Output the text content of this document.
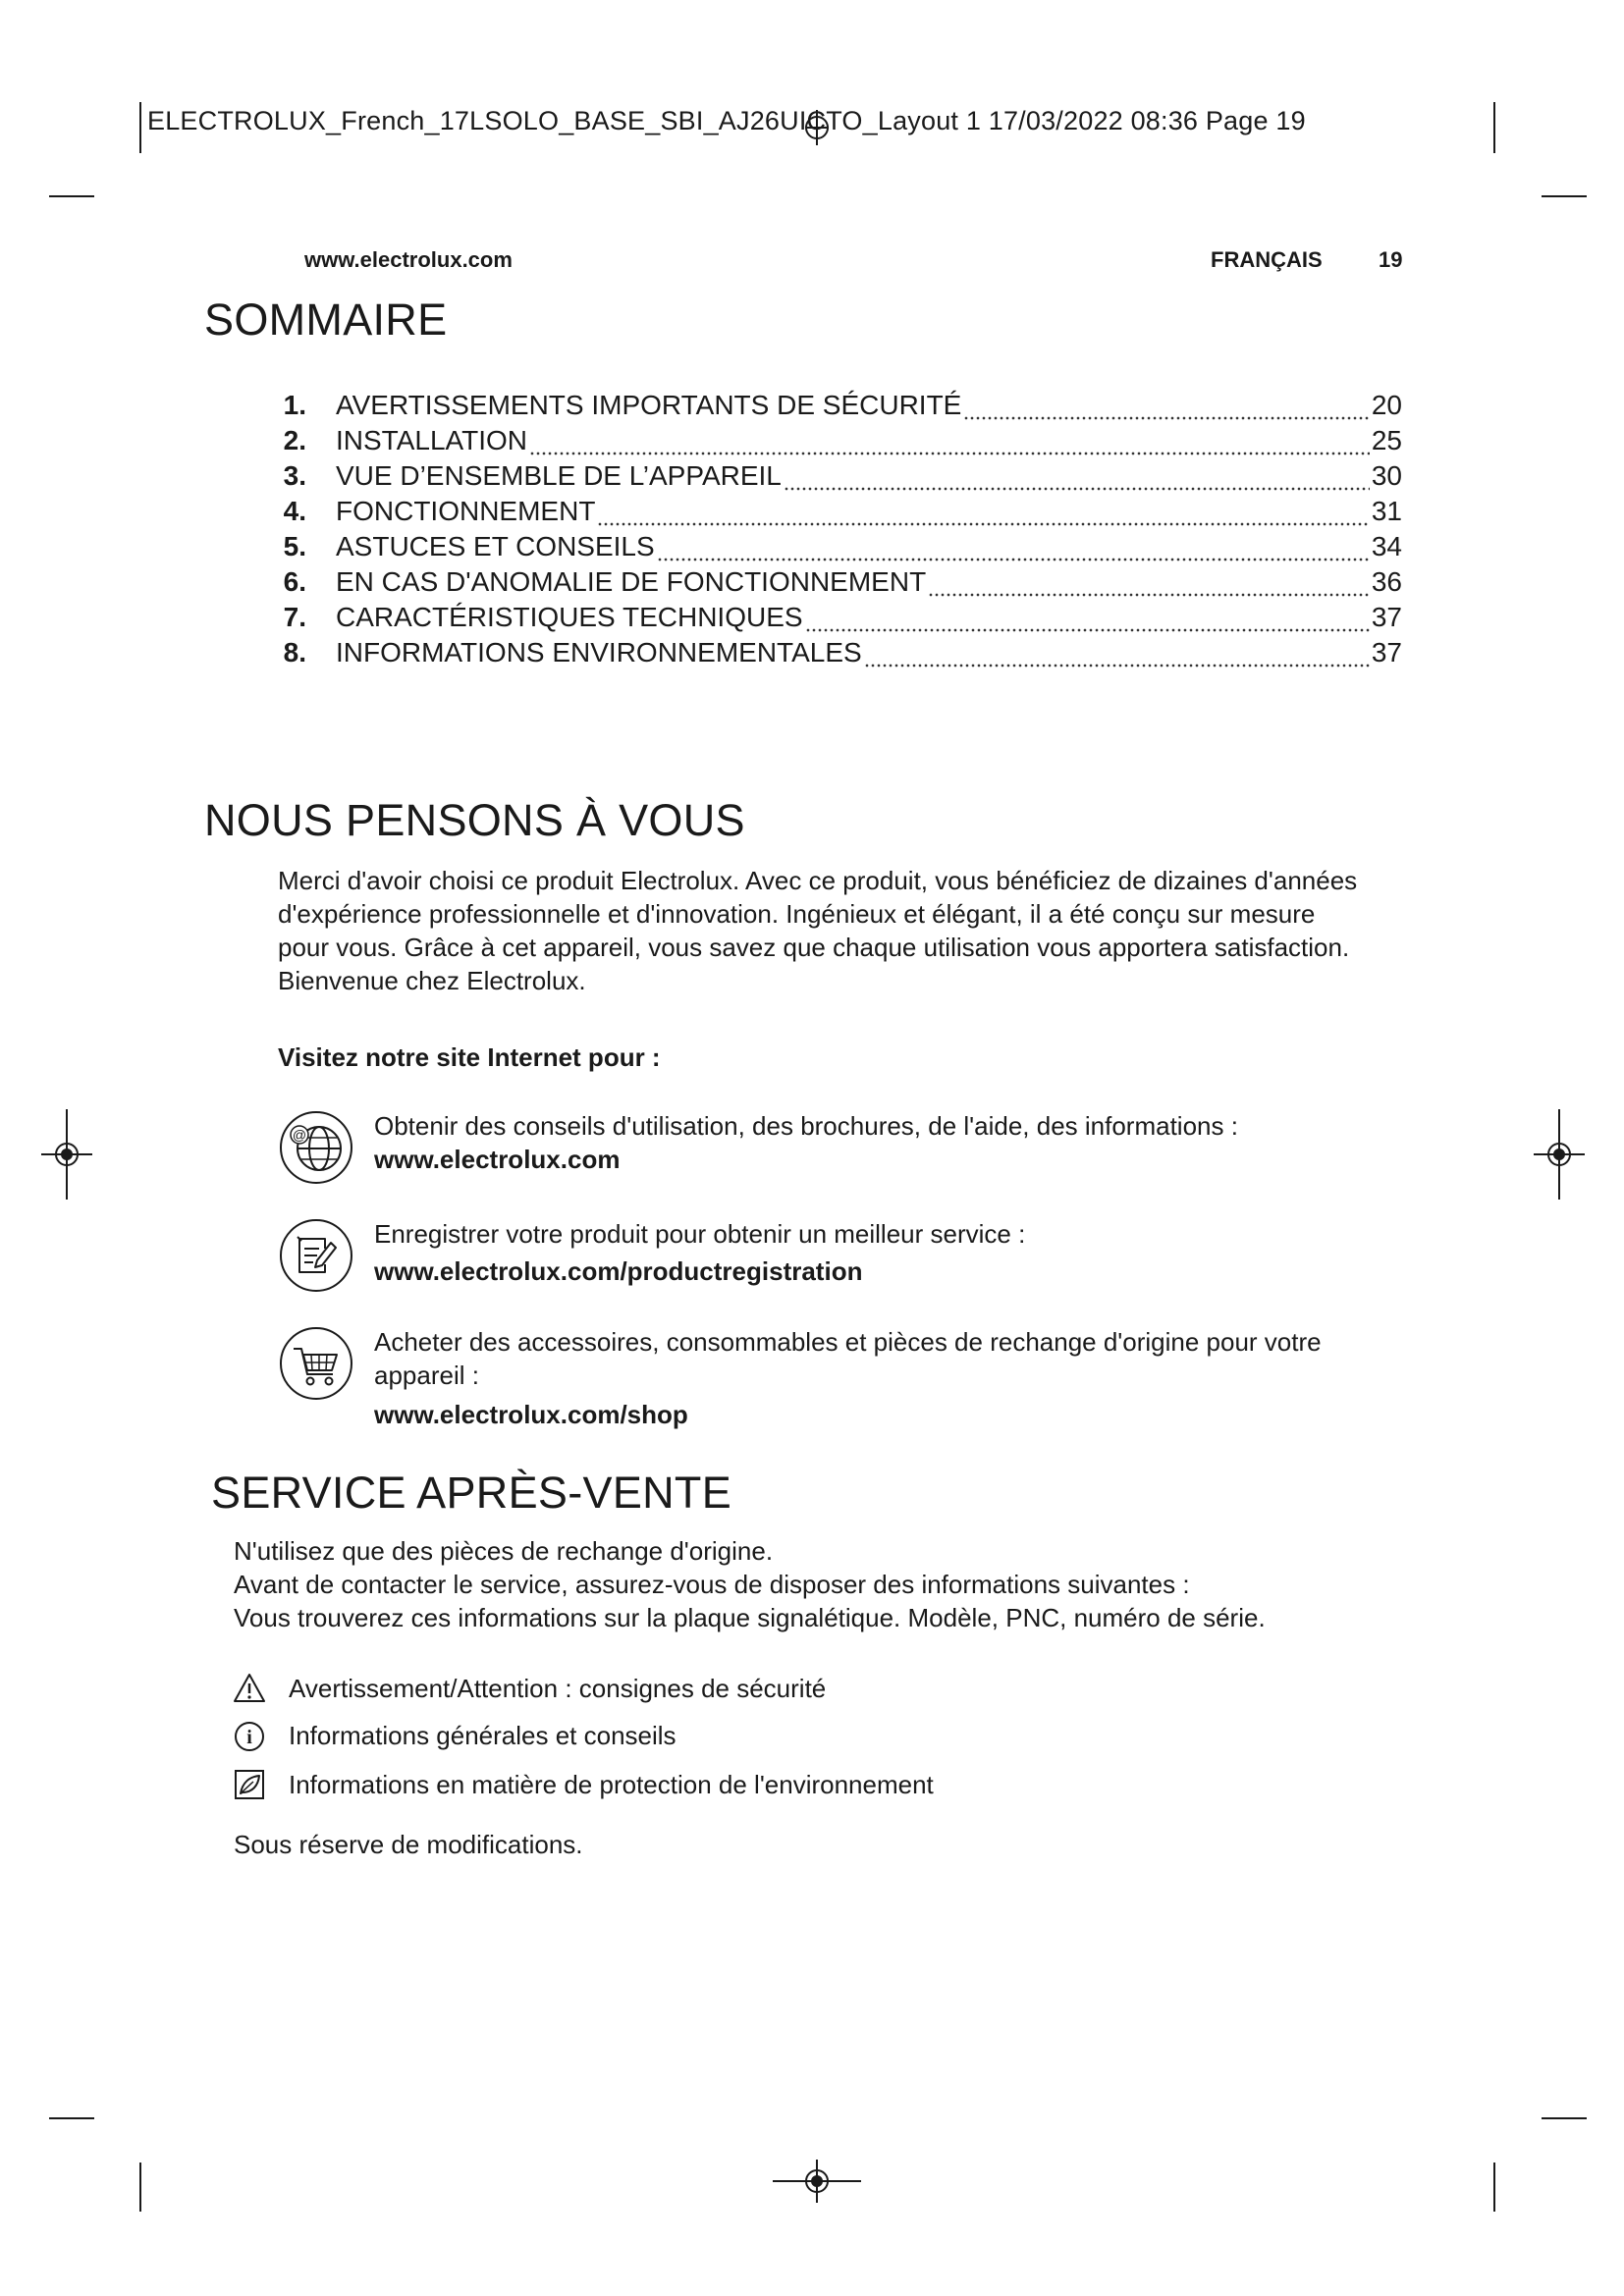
ELECTROLUX_French_17LSOLO_BASE_SBI_AJ26UICTO_Layout 1 17/03/2022 08:36 Page 19
www.electrolux.com	FRANÇAIS	19
SOMMAIRE
1. AVERTISSEMENTS IMPORTANTS DE SÉCURITÉ	20
2. INSTALLATION	25
3. VUE D’ENSEMBLE DE L’APPAREIL	30
4. FONCTIONNEMENT	31
5. ASTUCES ET CONSEILS	34
6. EN CAS D'ANOMALIE DE FONCTIONNEMENT	36
7. CARACTÉRISTIQUES TECHNIQUES	37
8. INFORMATIONS ENVIRONNEMENTALES	37
NOUS PENSONS À VOUS
Merci d'avoir choisi ce produit Electrolux. Avec ce produit, vous bénéficiez de dizaines d'années
d'expérience professionnelle et d'innovation. Ingénieux et élégant, il a été conçu sur mesure
pour vous. Grâce à cet appareil, vous savez que chaque utilisation vous apportera satisfaction.
Bienvenue chez Electrolux.
Visitez notre site Internet pour :
@	Obtenir des conseils d'utilisation, des brochures, de l'aide, des informations :
www.electrolux.com
Enregistrer votre produit pour obtenir un meilleur service :
www.electrolux.com/productregistration
Acheter des accessoires, consommables et pièces de rechange d'origine pour votre
appareil :
www.electrolux.com/shop
SERVICE APRÈS-VENTE
N'utilisez que des pièces de rechange d'origine.
Avant de contacter le service, assurez-vous de disposer des informations suivantes :
Vous trouverez ces informations sur la plaque signalétique. Modèle, PNC, numéro de série.
Avertissement/Attention : consignes de sécurité
i Informations générales et conseils
Informations en matière de protection de l'environnement
Sous réserve de modifications.
